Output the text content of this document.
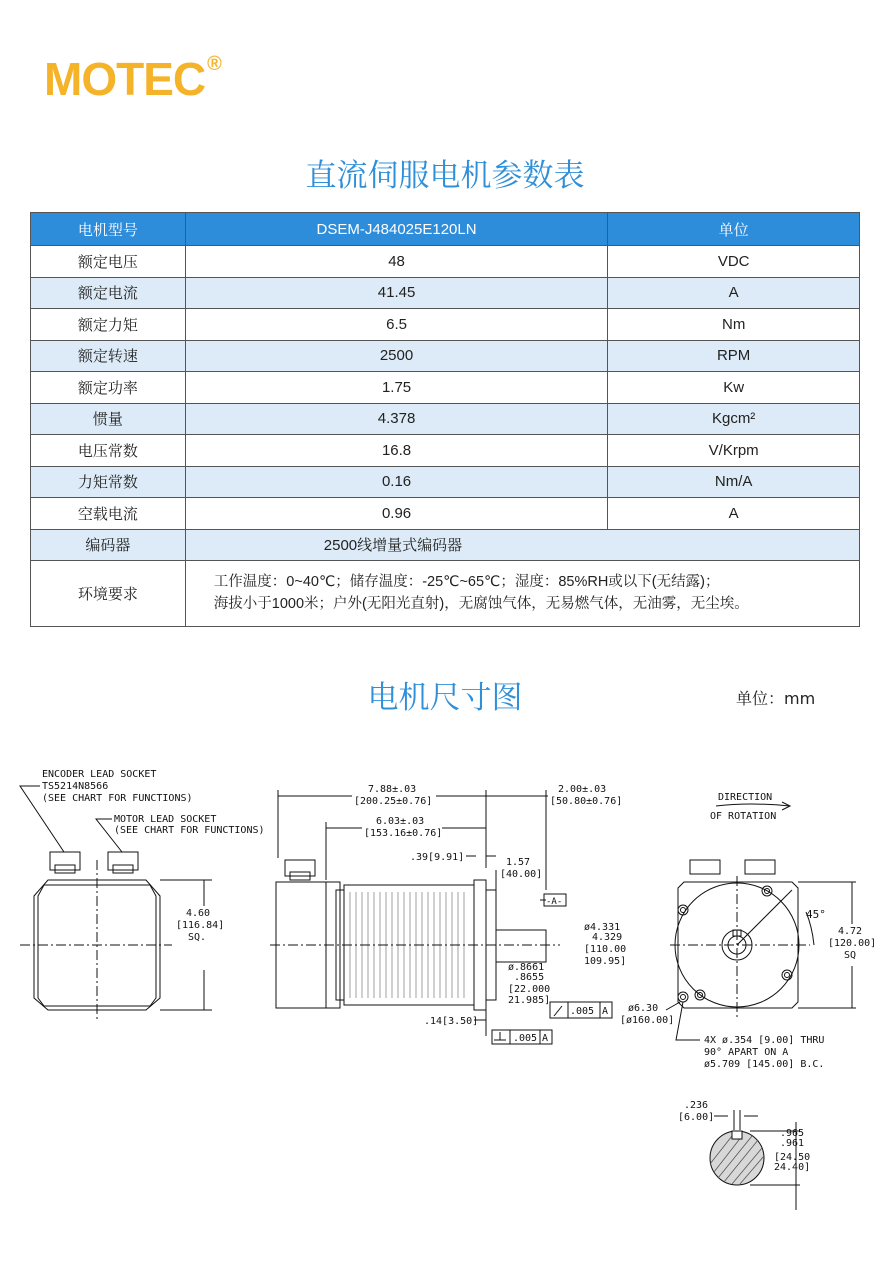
MOTEC ®
直流伺服电机参数表
电机型号	DSEM-J484025E120LN	单位
额定电压	48	VDC
额定电流	41.45	A
额定力矩	6.5	Nm
额定转速	2500	RPM
额定功率	1.75	Kw
惯量	4.378	Kgcm²
电压常数	16.8	V/Krpm
力矩常数	0.16	Nm/A
空载电流	0.96	A
编码器	2500线增量式编码器	
环境要求	工作温度：0~40℃；储存温度：-25℃~65℃；湿度：85%RH或以下(无结露)；
海拔小于1000米；户外(无阳光直射)，无腐蚀气体，无易燃气体，无油雾，无尘埃。	
电机尺寸图	单位：mm
ENCODER LEAD SOCKET
TS5214N8566
(SEE CHART FOR FUNCTIONS)
MOTOR LEAD SOCKET
(SEE CHART FOR FUNCTIONS)
4.60
[116.84]
SQ.
7.88±.03
[200.25±0.76]
2.00±.03
[50.80±0.76]
6.03±.03
[153.16±0.76]
.39[9.91]	1.57
[40.00]
-A-
ø4.331
4.329
[110.00
109.95]
ø.8661
.8655
[22.000
21.985]
.005 A
.14[3.50]
.005 A
DIRECTION
OF ROTATION
45°
4.72
[120.00]
SQ
ø6.30
[ø160.00]
4X ø.354 [9.00] THRU
90° APART ON A
ø5.709 [145.00] B.C.
.236
[6.00]
.965
.961
[24.50
24.40]
